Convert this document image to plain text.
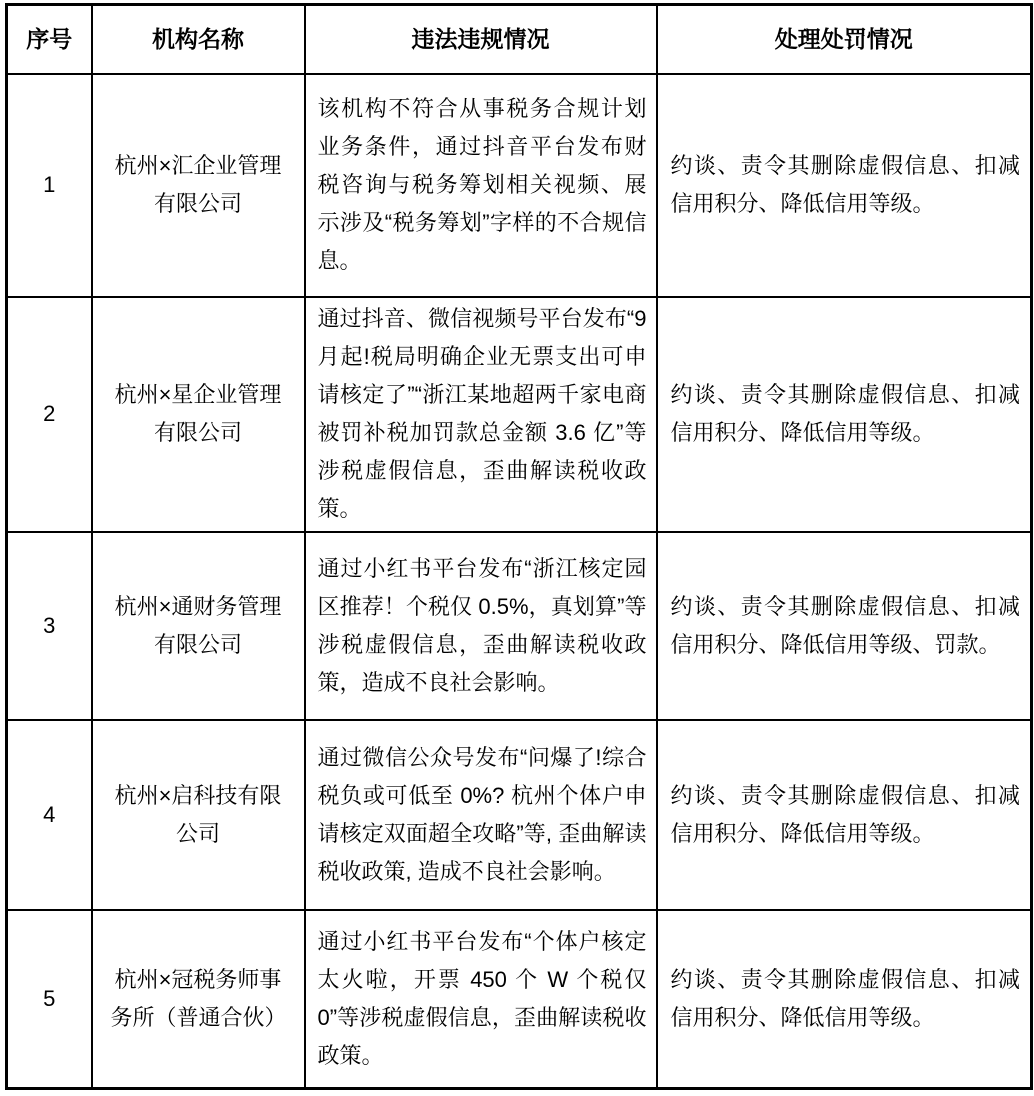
序号	机构名称	违法违规情况	处理处罚情况
1	杭州×汇企业管理有限公司	该机构不符合从事税务合规计划业务条件，通过抖音平台发布财税咨询与税务筹划相关视频、展示涉及“税务筹划”字样的不合规信息。	约谈、责令其删除虚假信息、扣减信用积分、降低信用等级。
2	杭州×星企业管理有限公司	通过抖音、微信视频号平台发布“9 月起!税局明确企业无票支出可申请核定了”“浙江某地超两千家电商被罚补税加罚款总金额 3.6 亿”等涉税虚假信息，歪曲解读税收政策。	约谈、责令其删除虚假信息、扣减信用积分、降低信用等级。
3	杭州×通财务管理有限公司	通过小红书平台发布“浙江核定园区推荐！个税仅 0.5%，真划算”等涉税虚假信息，歪曲解读税收政策，造成不良社会影响。	约谈、责令其删除虚假信息、扣减信用积分、降低信用等级、罚款。
4	杭州×启科技有限公司	通过微信公众号发布“问爆了!综合税负或可低至 0%? 杭州个体户申请核定双面超全攻略”等, 歪曲解读税收政策, 造成不良社会影响。	约谈、责令其删除虚假信息、扣减信用积分、降低信用等级。
5	杭州×冠税务师事务所（普通合伙）	通过小红书平台发布“个体户核定太火啦，开票 450 个 W 个税仅 0”等涉税虚假信息，歪曲解读税收政策。	约谈、责令其删除虚假信息、扣减信用积分、降低信用等级。
